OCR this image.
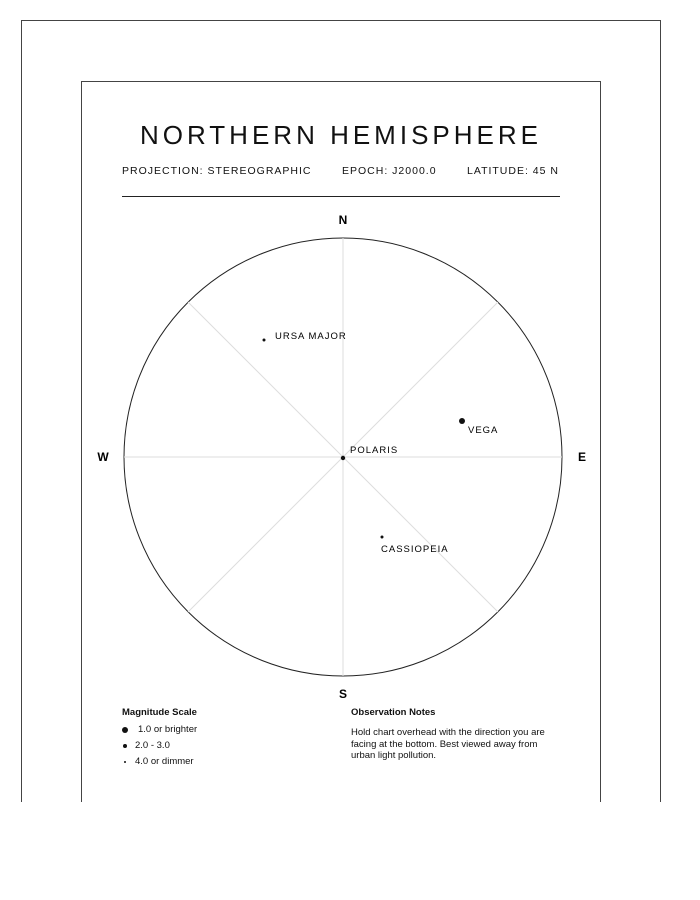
NORTHERN HEMISPHERE
PROJECTION: STEREOGRAPHIC	EPOCH: J2000.0	LATITUDE: 45 N
N
S
E
W
URSA MAJOR
VEGA
POLARIS
CASSIOPEIA
Magnitude Scale
1.0 or brighter
2.0 - 3.0
4.0 or dimmer
Observation Notes
Hold chart overhead with the direction you are facing at the bottom. Best viewed away from urban light pollution.
